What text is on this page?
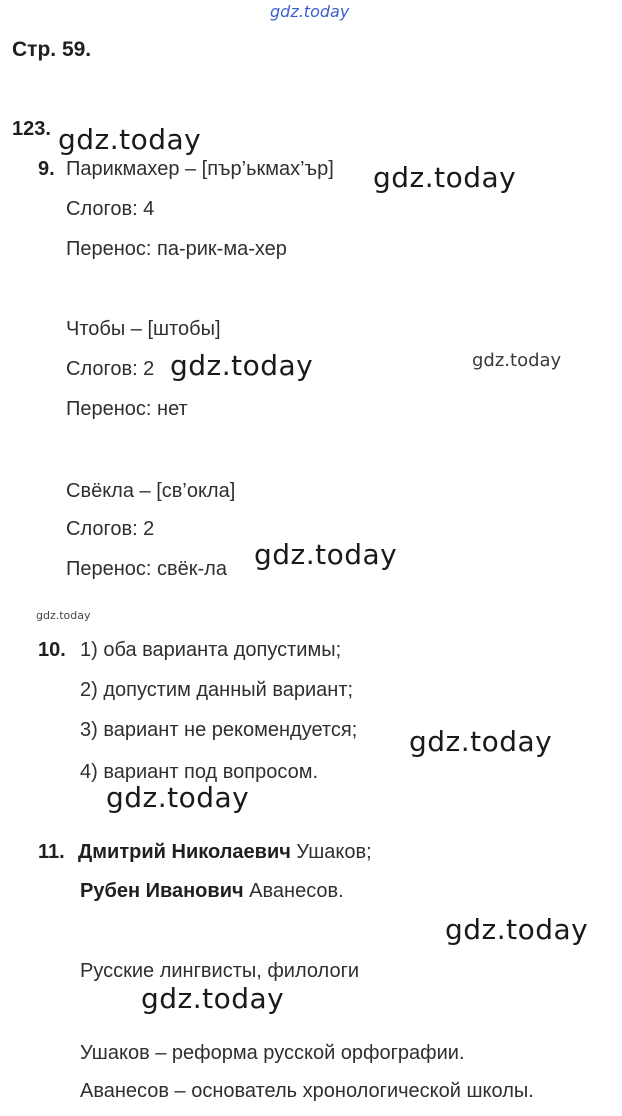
gdz.today
Стр. 59.
123. gdz.today
9. Парикмахер – [пър’ькмах’ър] gdz.today
Слогов: 4
Перенос: па-рик-ма-хер
Чтобы – [штобы]
Слогов: 2 gdz.today	gdz.today
Перенос: нет
Свёкла – [св’окла]
Слогов: 2
Перенос: свёк-ла gdz.today
gdz.today
10. 1) оба варианта допустимы;
2) допустим данный вариант;
3) вариант не рекомендуется; gdz.today
4) вариант под вопросом.
gdz.today
11. Дмитрий Николаевич Ушаков;
Рубен Иванович Аванесов.
gdz.today
Русские лингвисты, филологи
gdz.today
Ушаков – реформа русской орфографии.
Аванесов – основатель хронологической школы.
